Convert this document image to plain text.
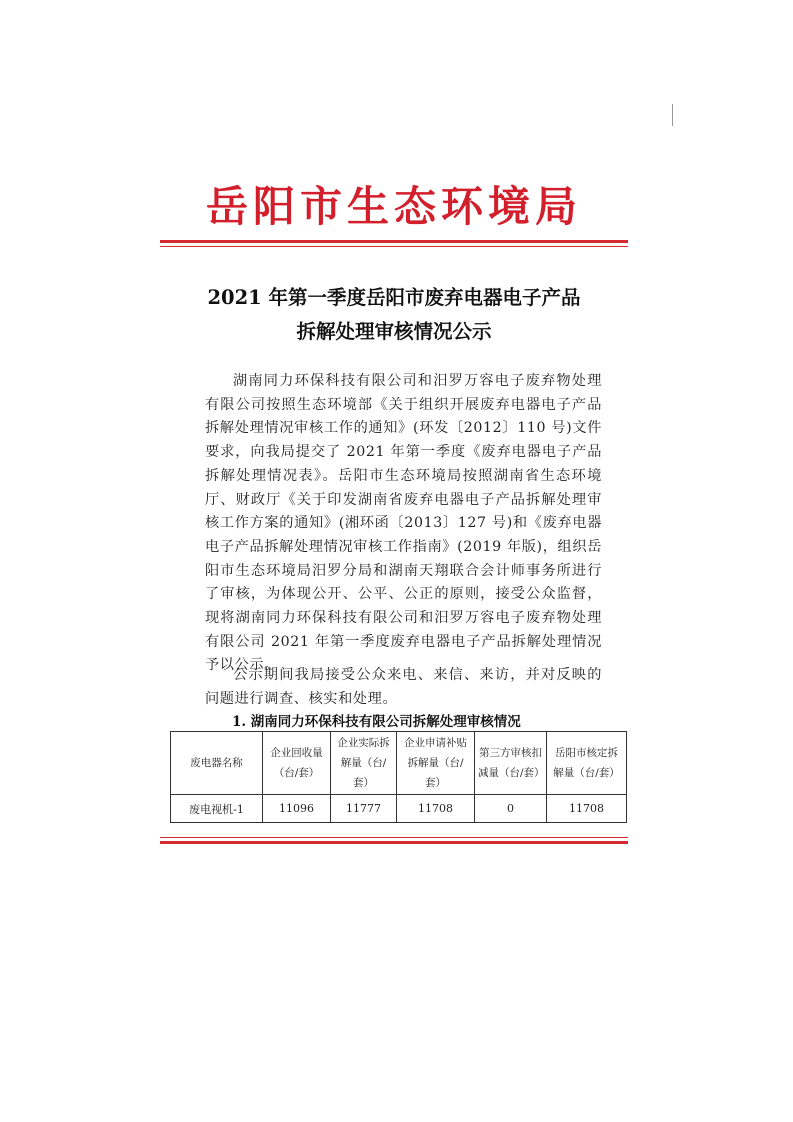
岳阳市生态环境局
2021 年第一季度岳阳市废弃电器电子产品
拆解处理审核情况公示
湖南同力环保科技有限公司和汨罗万容电子废弃物处理有限公司按照生态环境部《关于组织开展废弃电器电子产品拆解处理情况审核工作的通知》(环发〔2012〕110 号)文件要求，向我局提交了 2021 年第一季度《废弃电器电子产品拆解处理情况表》。岳阳市生态环境局按照湖南省生态环境厅、财政厅《关于印发湖南省废弃电器电子产品拆解处理审核工作方案的通知》(湘环函〔2013〕127 号)和《废弃电器电子产品拆解处理情况审核工作指南》(2019 年版)，组织岳阳市生态环境局汨罗分局和湖南天翔联合会计师事务所进行了审核，为体现公开、公平、公正的原则，接受公众监督，现将湖南同力环保科技有限公司和汨罗万容电子废弃物处理有限公司 2021 年第一季度废弃电器电子产品拆解处理情况予以公示。
公示期间我局接受公众来电、来信、来访，并对反映的问题进行调查、核实和处理。
1. 湖南同力环保科技有限公司拆解处理审核情况
废电器名称	企业回收量（台/套）	企业实际拆解量（台/套）	企业申请补贴拆解量（台/套）	第三方审核扣减量（台/套）	岳阳市核定拆解量（台/套）
废电视机-1	11096	11777	11708	0	11708
